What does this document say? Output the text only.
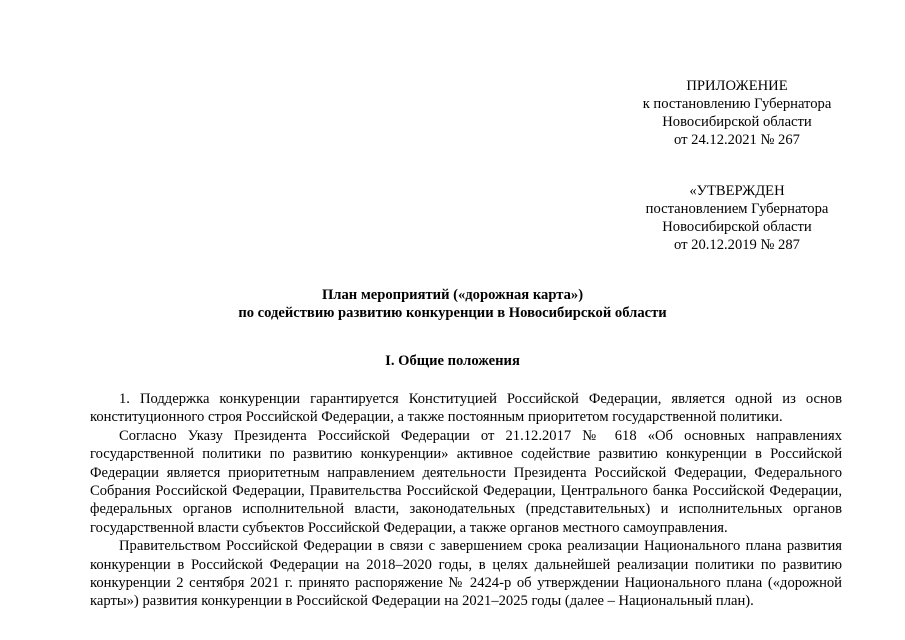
ПРИЛОЖЕНИЕ
к постановлению Губернатора
Новосибирской области
от 24.12.2021 № 267
«УТВЕРЖДЕН
постановлением Губернатора
Новосибирской области
от 20.12.2019 № 287
План мероприятий («дорожная карта»)
по содействию развитию конкуренции в Новосибирской области
I. Общие положения

1. Поддержка конкуренции гарантируется Конституцией Российской Федерации, является одной из основ конституционного строя Российской Федерации, а также постоянным приоритетом государственной политики.

Согласно Указу Президента Российской Федерации от 21.12.2017 № 618 «Об основных направлениях государственной политики по развитию конкуренции» активное содействие развитию конкуренции в Российской Федерации является приоритетным направлением деятельности Президента Российской Федерации, Федерального Собрания Российской Федерации, Правительства Российской Федерации, Центрального банка Российской Федерации, федеральных органов исполнительной власти, законодательных (представительных) и исполнительных органов государственной власти субъектов Российской Федерации, а также органов местного самоуправления.

Правительством Российской Федерации в связи с завершением срока реализации Национального плана развития конкуренции в Российской Федерации на 2018–2020 годы, в целях дальнейшей реализации политики по развитию конкуренции 2 сентября 2021 г. принято распоряжение № 2424-р об утверждении Национального плана («дорожной карты») развития конкуренции в Российской Федерации на 2021–2025 годы (далее – Национальный план).
